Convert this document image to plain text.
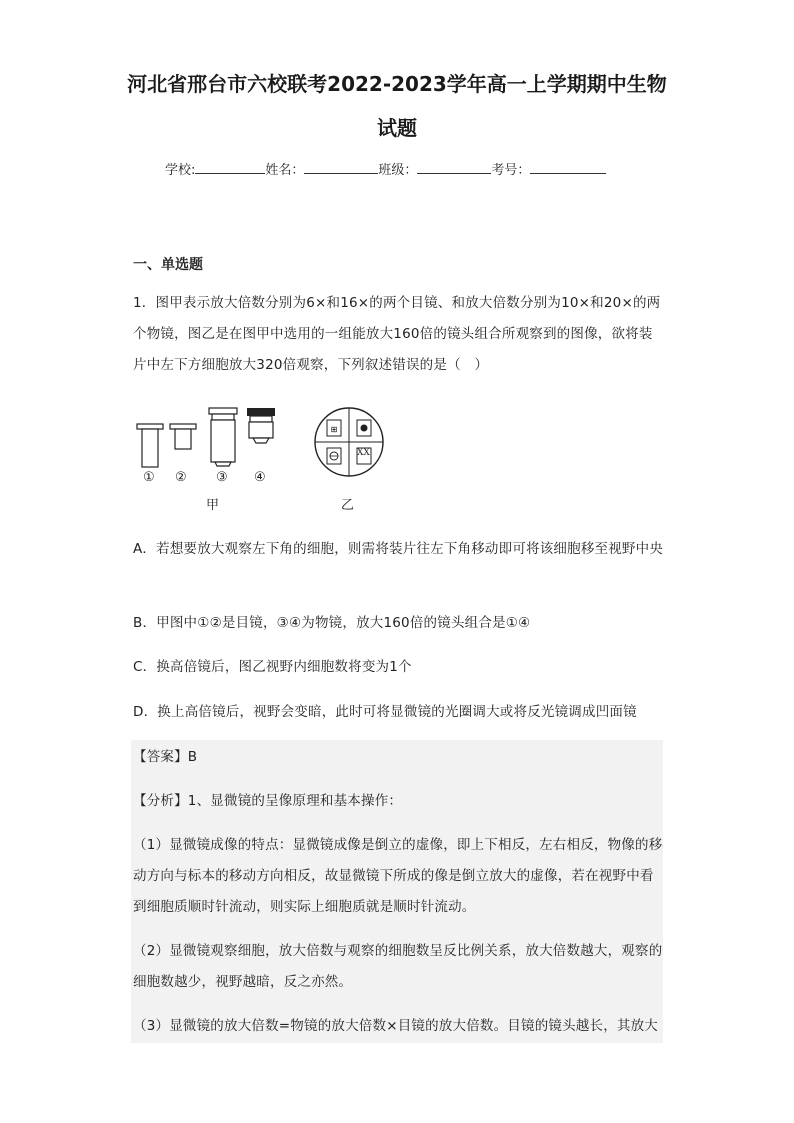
河北省邢台市六校联考2022-2023学年高一上学期期中生物
试题
学校:	姓名：	班级：	考号：
一、单选题
1．图甲表示放大倍数分别为6×和16×的两个目镜、和放大倍数分别为10×和20×的两个物镜，图乙是在图甲中选用的一组能放大160倍的镜头组合所观察到的图像，欲将装片中左下方细胞放大320倍观察，下列叙述错误的是（　）
⊞
XX
① ② ③ ④
甲	乙
A．若想要放大观察左下角的细胞，则需将装片往左下角移动即可将该细胞移至视野中央
B．甲图中①②是目镜，③④为物镜，放大160倍的镜头组合是①④
C．换高倍镜后，图乙视野内细胞数将变为1个
D．换上高倍镜后，视野会变暗，此时可将显微镜的光圈调大或将反光镜调成凹面镜
【答案】B
【分析】1、显微镜的呈像原理和基本操作：
（1）显微镜成像的特点：显微镜成像是倒立的虚像，即上下相反，左右相反，物像的移动方向与标本的移动方向相反，故显微镜下所成的像是倒立放大的虚像，若在视野中看到细胞质顺时针流动，则实际上细胞质就是顺时针流动。
（2）显微镜观察细胞，放大倍数与观察的细胞数呈反比例关系，放大倍数越大，观察的细胞数越少，视野越暗，反之亦然。
（3）显微镜的放大倍数=物镜的放大倍数×目镜的放大倍数。目镜的镜头越长，其放大
